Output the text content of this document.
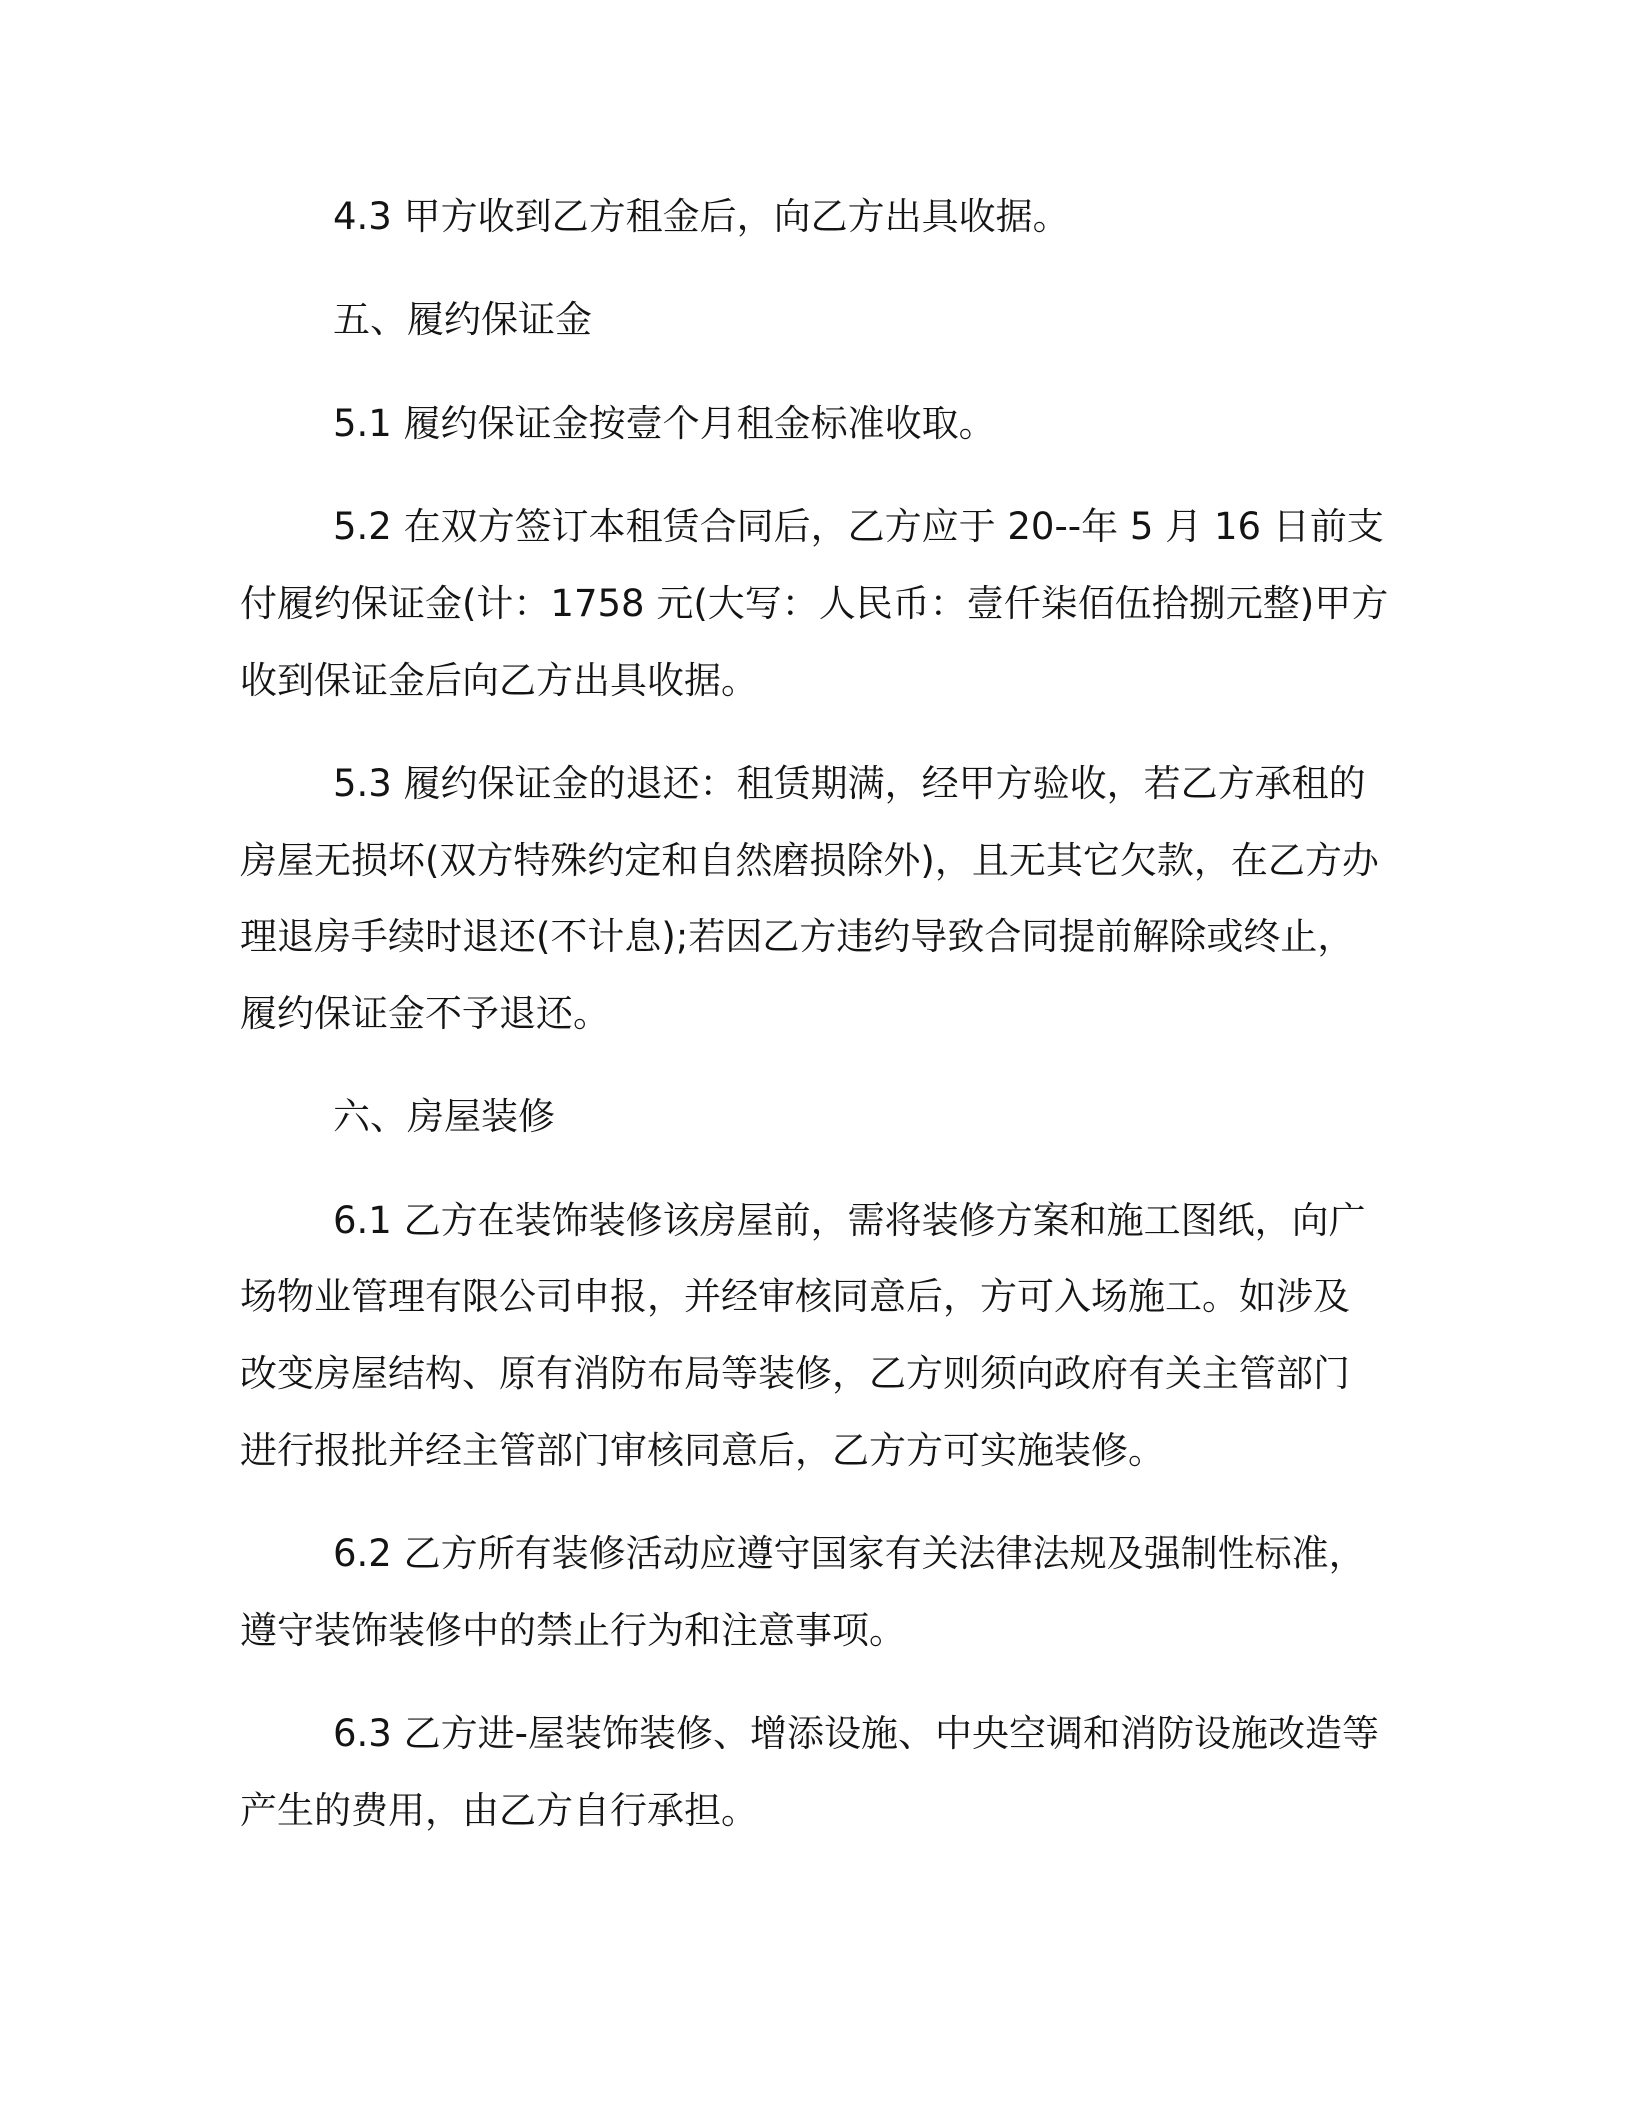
4.3 甲方收到乙方租金后，向乙方出具收据。
五、履约保证金
5.1 履约保证金按壹个月租金标准收取。
5.2 在双方签订本租赁合同后，乙方应于 20--年 5 月 16 日前支
付履约保证金(计：1758 元(大写：人民币：壹仟柒佰伍拾捌元整)甲方
收到保证金后向乙方出具收据。
5.3 履约保证金的退还：租赁期满，经甲方验收，若乙方承租的
房屋无损坏(双方特殊约定和自然磨损除外)，且无其它欠款，在乙方办
理退房手续时退还(不计息);若因乙方违约导致合同提前解除或终止，
履约保证金不予退还。
六、房屋装修
6.1 乙方在装饰装修该房屋前，需将装修方案和施工图纸，向广
场物业管理有限公司申报，并经审核同意后，方可入场施工。如涉及
改变房屋结构、原有消防布局等装修，乙方则须向政府有关主管部门
进行报批并经主管部门审核同意后，乙方方可实施装修。
6.2 乙方所有装修活动应遵守国家有关法律法规及强制性标准，
遵守装饰装修中的禁止行为和注意事项。
6.3 乙方进-屋装饰装修、增添设施、中央空调和消防设施改造等
产生的费用，由乙方自行承担。
